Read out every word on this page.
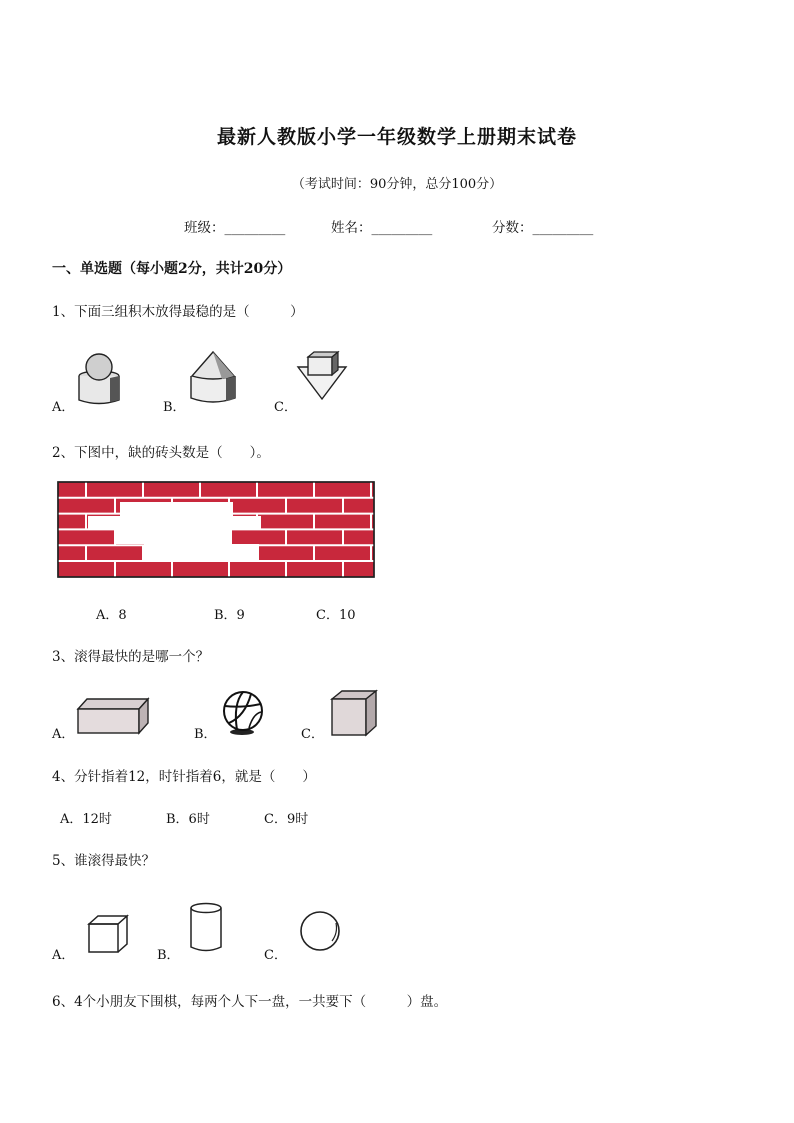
最新人教版小学一年级数学上册期末试卷
（考试时间：90分钟，总分100分）
班级：_________	姓名：_________	分数：_________
一、单选题（每小题2分，共计20分）
1、下面三组积木放得最稳的是（　　　）
A．	B．	C．
2、下图中，缺的砖头数是（　　）。
A．8	B．9	C．10
3、滚得最快的是哪一个？
A．	B．	C．
4、分针指着12，时针指着6，就是（　　）
A．12时	B．6时	C．9时
5、谁滚得最快？
A．	B．	C．
6、4个小朋友下围棋，每两个人下一盘，一共要下（　　　）盘。
